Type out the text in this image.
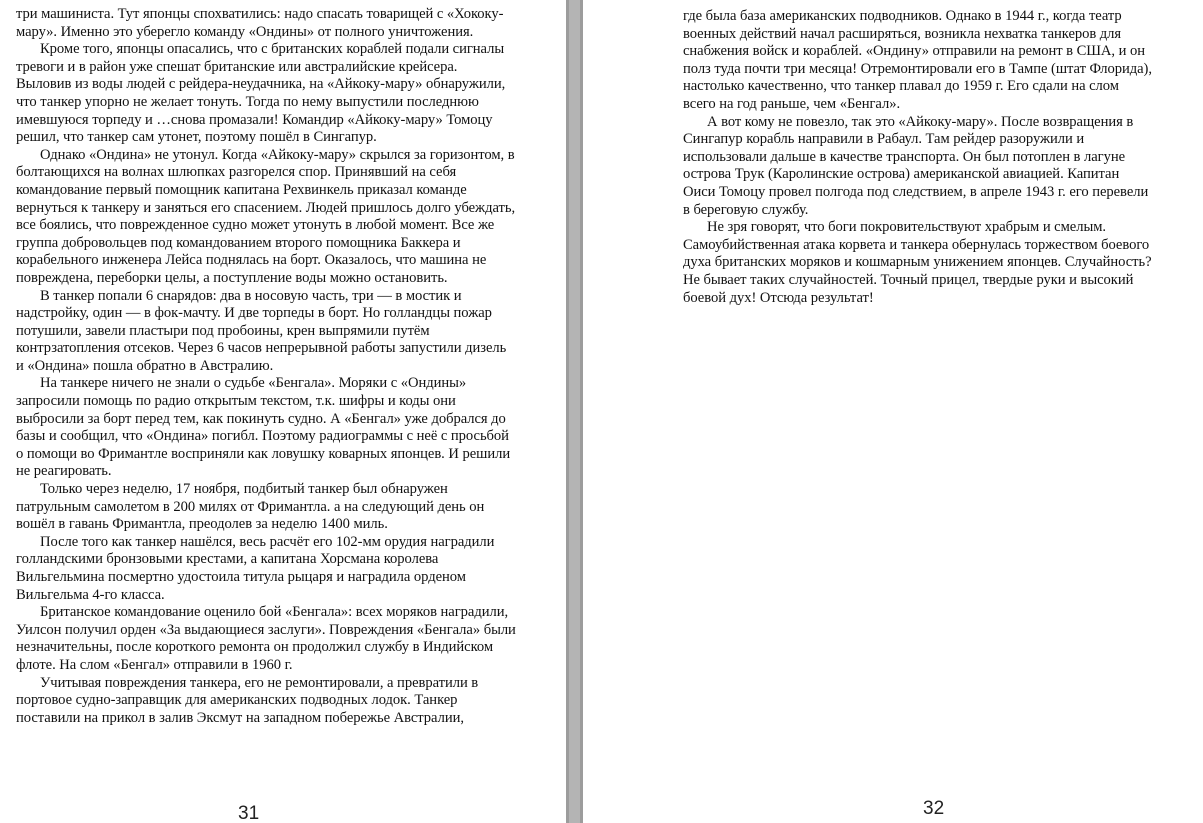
три машиниста. Тут японцы спохватились: надо спасать товарищей с «Хококу-мару». Именно это уберегло команду «Ондины» от полного уничтожения.

Кроме того, японцы опасались, что с британских кораблей подали сигналы тревоги и в район уже спешат британские или австралийские крейсера. Выловив из воды людей с рейдера-неудачника, на «Айкоку-мару» обнаружили, что танкер упорно не желает тонуть. Тогда по нему выпустили последнюю имевшуюся торпеду и …снова промазали! Командир «Айкоку-мару» Томоцу решил, что танкер сам утонет, поэтому пошёл в Сингапур.

Однако «Ондина» не утонул. Когда «Айкоку-мару» скрылся за горизонтом, в болтающихся на волнах шлюпках разгорелся спор. Принявший на себя командование первый помощник капитана Рехвинкель приказал команде вернуться к танкеру и заняться его спасением. Людей пришлось долго убеждать, все боялись, что поврежденное судно может утонуть в любой момент. Все же группа добровольцев под командованием второго помощника Баккера и корабельного инженера Лейса поднялась на борт. Оказалось, что машина не повреждена, переборки целы, а поступление воды можно остановить.

В танкер попали 6 снарядов: два в носовую часть, три — в мостик и надстройку, один — в фок-мачту. И две торпеды в борт. Но голландцы пожар потушили, завели пластыри под пробоины, крен выпрямили путём контрзатопления отсеков. Через 6 часов непрерывной работы запустили дизель и «Ондина» пошла обратно в Австралию.

На танкере ничего не знали о судьбе «Бенгала». Моряки с «Ондины» запросили помощь по радио открытым текстом, т.к. шифры и коды они выбросили за борт перед тем, как покинуть судно. А «Бенгал» уже добрался до базы и сообщил, что «Ондина» погибл. Поэтому радиограммы с неё с просьбой о помощи во Фримантле восприняли как ловушку коварных японцев. И решили не реагировать.

Только через неделю, 17 ноября, подбитый танкер был обнаружен патрульным самолетом в 200 милях от Фримантла. а на следующий день он вошёл в гавань Фримантла, преодолев за неделю 1400 миль.

После того как танкер нашёлся, весь расчёт его 102-мм орудия наградили голландскими бронзовыми крестами, а капитана Хорсмана королева Вильгельмина посмертно удостоила титула рыцаря и наградила орденом Вильгельма 4-го класса.

Британское командование оценило бой «Бенгала»: всех моряков наградили, Уилсон получил орден «За выдающиеся заслуги». Повреждения «Бенгала» были незначительны, после короткого ремонта он продолжил службу в Индийском флоте. На слом «Бенгал» отправили в 1960 г.

Учитывая повреждения танкера, его не ремонтировали, а превратили в портовое судно-заправщик для американских подводных лодок. Танкер поставили на прикол в залив Эксмут на западном побережье Австралии,

31

где была база американских подводников. Однако в 1944 г., когда театр военных действий начал расширяться, возникла нехватка танкеров для снабжения войск и кораблей. «Ондину» отправили на ремонт в США, и он полз туда почти три месяца! Отремонтировали его в Тампе (штат Флорида), настолько качественно, что танкер плавал до 1959 г. Его сдали на слом всего на год раньше, чем «Бенгал».

А вот кому не повезло, так это «Айкоку-мару». После возвращения в Сингапур корабль направили в Рабаул. Там рейдер разоружили и использовали дальше в качестве транспорта. Он был потоплен в лагуне острова Трук (Каролинские острова) американской авиацией. Капитан Оиси Томоцу провел полгода под следствием, в апреле 1943 г. его перевели в береговую службу.

Не зря говорят, что боги покровительствуют храбрым и смелым. Самоубийственная атака корвета и танкера обернулась торжеством боевого духа британских моряков и кошмарным унижением японцев. Случайность? Не бывает таких случайностей. Точный прицел, твердые руки и высокий боевой дух! Отсюда результат!

32
